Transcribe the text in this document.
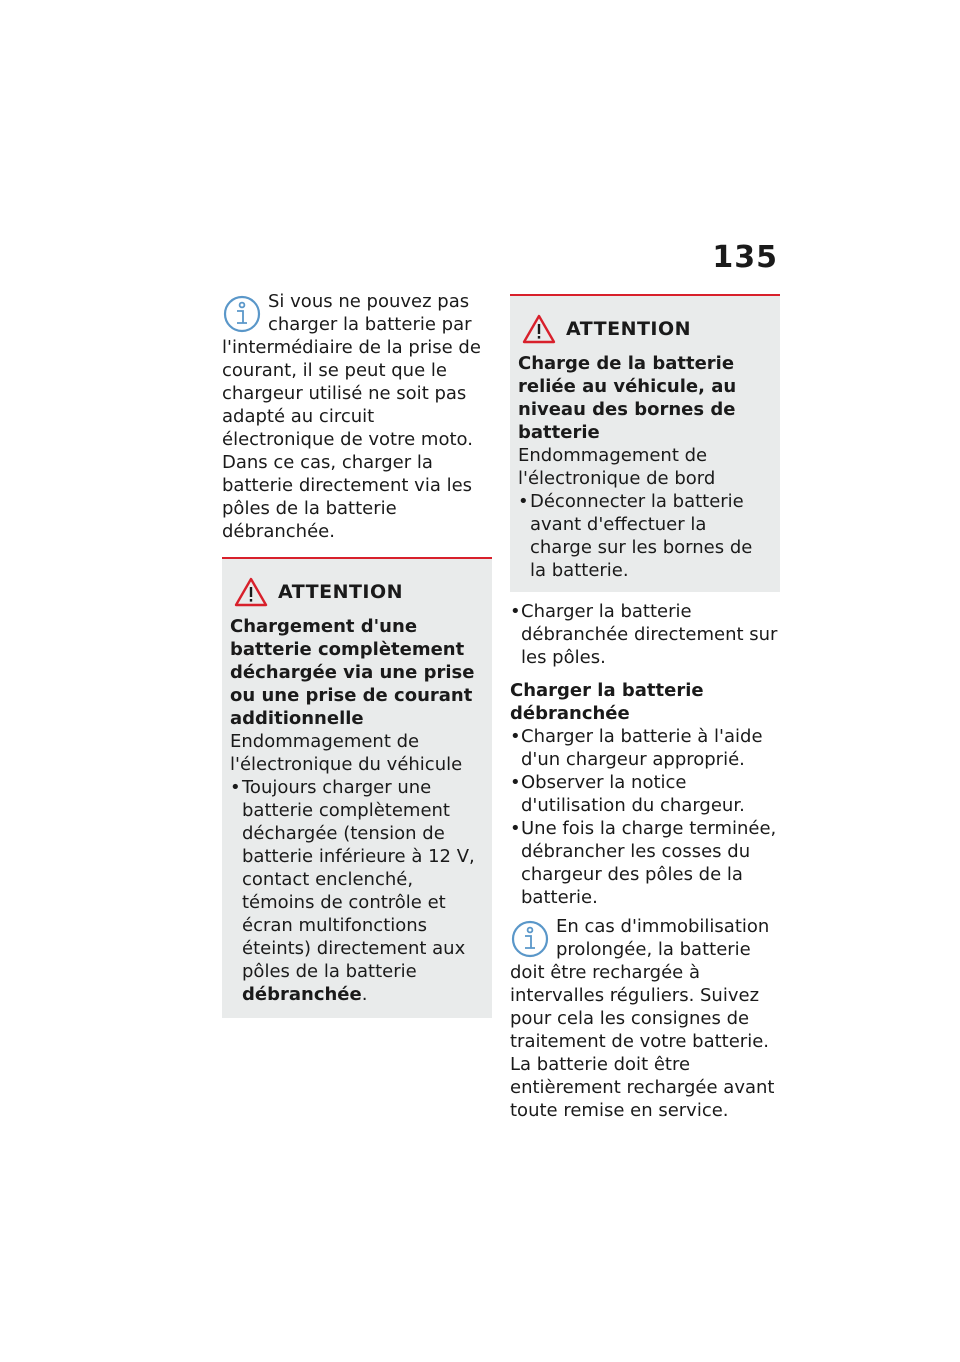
135

Si vous ne pouvez pas charger la batterie par l'intermédiaire de la prise de courant, il se peut que le chargeur utilisé ne soit pas adapté au circuit électronique de votre moto. Dans ce cas, charger la batterie directement via les pôles de la batterie débranchée.

ATTENTION

Chargement d'une batterie complètement déchargée via une prise ou une prise de courant additionnelle

Endommagement de l'électronique du véhicule

• Toujours charger une batterie complètement déchargée (tension de batterie inférieure à 12 V, contact enclenché, témoins de contrôle et écran multifonctions éteints) directement aux pôles de la batterie débranchée.
ATTENTION

Charge de la batterie reliée au véhicule, au niveau des bornes de batterie

Endommagement de l'électronique de bord

• Déconnecter la batterie avant d'effectuer la charge sur les bornes de la batterie.
• Charger la batterie débranchée directement sur les pôles.

Charger la batterie débranchée

• Charger la batterie à l'aide d'un chargeur approprié.
• Observer la notice d'utilisation du chargeur.
• Une fois la charge terminée, débrancher les cosses du chargeur des pôles de la batterie.

En cas d'immobilisation prolongée, la batterie doit être rechargée à intervalles réguliers. Suivez pour cela les consignes de traitement de votre batterie. La batterie doit être entièrement rechargée avant toute remise en service.
